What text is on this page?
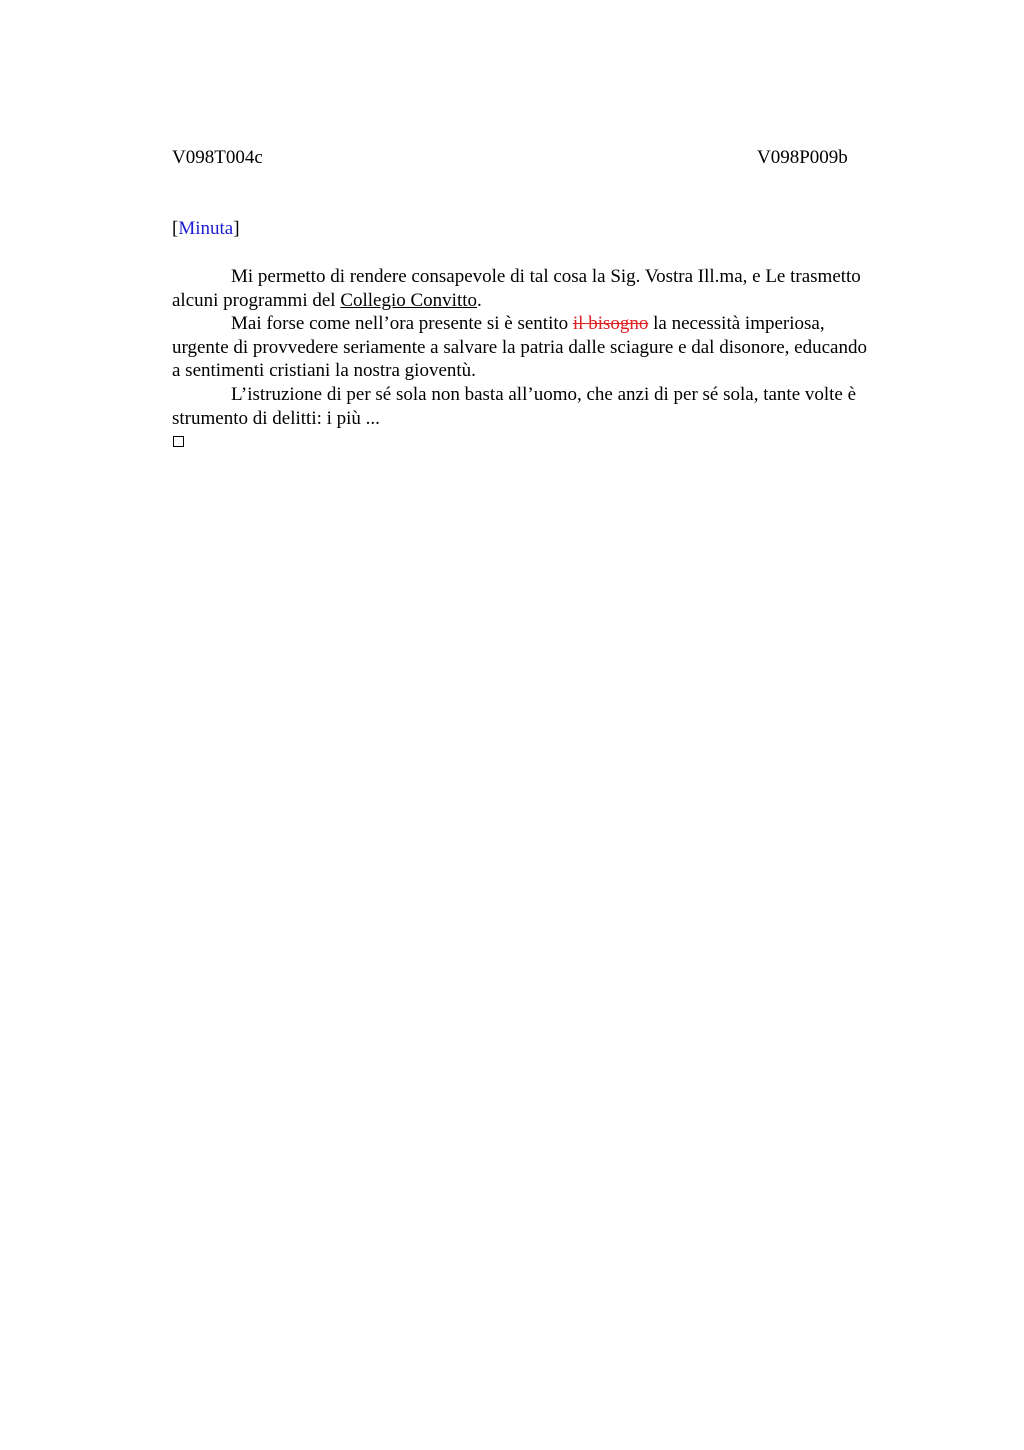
V098T004c	V098P009b
[Minuta]
Mi permetto di rendere consapevole di tal cosa la Sig. Vostra Ill.ma, e Le trasmetto
alcuni programmi del Collegio Convitto.
Mai forse come nell’ora presente si è sentito il bisogno la necessità imperiosa,
urgente di provvedere seriamente a salvare la patria dalle sciagure e dal disonore, educando
a sentimenti cristiani la nostra gioventù.
L’istruzione di per sé sola non basta all’uomo, che anzi di per sé sola, tante volte è
strumento di delitti: i più ...
